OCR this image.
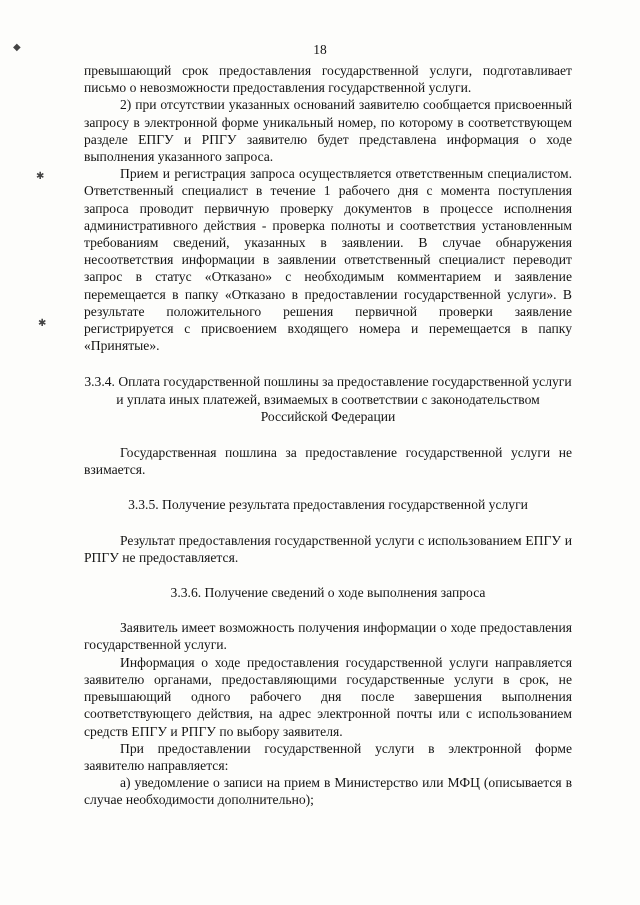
18
◆
✱
✱

превышающий срок предоставления государственной услуги, подготавливает письмо о невозможности предоставления государственной услуги.

2) при отсутствии указанных оснований заявителю сообщается присвоенный запросу в электронной форме уникальный номер, по которому в соответствующем разделе ЕПГУ и РПГУ заявителю будет представлена информация о ходе выполнения указанного запроса.

Прием и регистрация запроса осуществляется ответственным специалистом. Ответственный специалист в течение 1 рабочего дня с момента поступления запроса проводит первичную проверку документов в процессе исполнения административного действия - проверка полноты и соответствия установленным требованиям сведений, указанных в заявлении. В случае обнаружения несоответствия информации в заявлении ответственный специалист переводит запрос в статус «Отказано» с необходимым комментарием и заявление перемещается в папку «Отказано в предоставлении государственной услуги». В результате положительного решения первичной проверки заявление регистрируется с присвоением входящего номера и перемещается в папку «Принятые».

3.3.4. Оплата государственной пошлины за предоставление государственной услуги и уплата иных платежей, взимаемых в соответствии с законодательством Российской Федерации

Государственная пошлина за предоставление государственной услуги не взимается.

3.3.5. Получение результата предоставления государственной услуги

Результат предоставления государственной услуги с использованием ЕПГУ и РПГУ не предоставляется.

3.3.6. Получение сведений о ходе выполнения запроса

Заявитель имеет возможность получения информации о ходе предоставления государственной услуги.

Информация о ходе предоставления государственной услуги направляется заявителю органами, предоставляющими государственные услуги в срок, не превышающий одного рабочего дня после завершения выполнения соответствующего действия, на адрес электронной почты или с использованием средств ЕПГУ и РПГУ по выбору заявителя.

При предоставлении государственной услуги в электронной форме заявителю направляется:

а) уведомление о записи на прием в Министерство или МФЦ (описывается в случае необходимости дополнительно);
